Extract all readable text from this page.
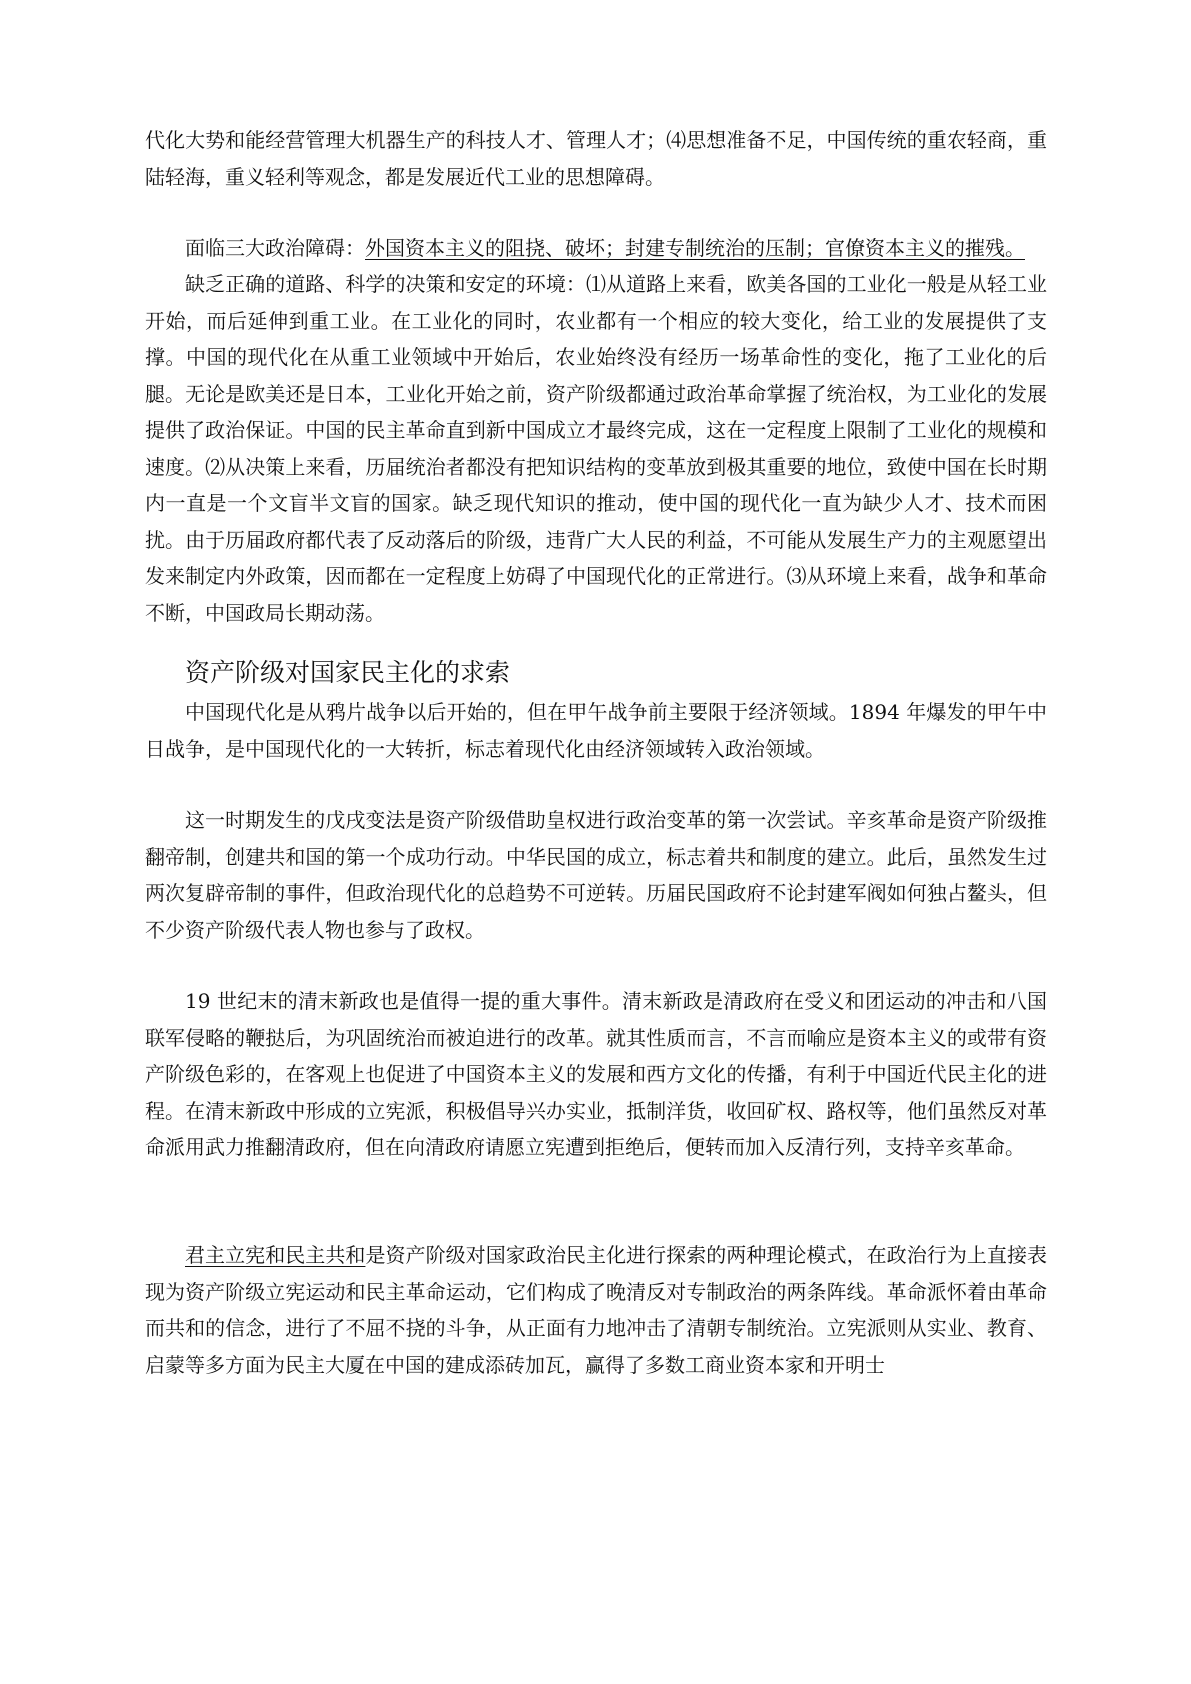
代化大势和能经营管理大机器生产的科技人才、管理人才；⑷思想准备不足，中国传统的重农轻商，重陆轻海，重义轻利等观念，都是发展近代工业的思想障碍。

面临三大政治障碍：外国资本主义的阻挠、破坏；封建专制统治的压制；官僚资本主义的摧残。

缺乏正确的道路、科学的决策和安定的环境：⑴从道路上来看，欧美各国的工业化一般是从轻工业开始，而后延伸到重工业。在工业化的同时，农业都有一个相应的较大变化，给工业的发展提供了支撑。中国的现代化在从重工业领域中开始后，农业始终没有经历一场革命性的变化，拖了工业化的后腿。无论是欧美还是日本，工业化开始之前，资产阶级都通过政治革命掌握了统治权，为工业化的发展提供了政治保证。中国的民主革命直到新中国成立才最终完成，这在一定程度上限制了工业化的规模和速度。⑵从决策上来看，历届统治者都没有把知识结构的变革放到极其重要的地位，致使中国在长时期内一直是一个文盲半文盲的国家。缺乏现代知识的推动，使中国的现代化一直为缺少人才、技术而困扰。由于历届政府都代表了反动落后的阶级，违背广大人民的利益，不可能从发展生产力的主观愿望出发来制定内外政策，因而都在一定程度上妨碍了中国现代化的正常进行。⑶从环境上来看，战争和革命不断，中国政局长期动荡。

资产阶级对国家民主化的求索

中国现代化是从鸦片战争以后开始的，但在甲午战争前主要限于经济领域。1894 年爆发的甲午中日战争，是中国现代化的一大转折，标志着现代化由经济领域转入政治领域。

这一时期发生的戊戌变法是资产阶级借助皇权进行政治变革的第一次尝试。辛亥革命是资产阶级推翻帝制，创建共和国的第一个成功行动。中华民国的成立，标志着共和制度的建立。此后，虽然发生过两次复辟帝制的事件，但政治现代化的总趋势不可逆转。历届民国政府不论封建军阀如何独占鳌头，但不少资产阶级代表人物也参与了政权。

19 世纪末的清末新政也是值得一提的重大事件。清末新政是清政府在受义和团运动的冲击和八国联军侵略的鞭挞后，为巩固统治而被迫进行的改革。就其性质而言，不言而喻应是资本主义的或带有资产阶级色彩的，在客观上也促进了中国资本主义的发展和西方文化的传播，有利于中国近代民主化的进程。在清末新政中形成的立宪派，积极倡导兴办实业，抵制洋货，收回矿权、路权等，他们虽然反对革命派用武力推翻清政府，但在向清政府请愿立宪遭到拒绝后，便转而加入反清行列，支持辛亥革命。

君主立宪和民主共和是资产阶级对国家政治民主化进行探索的两种理论模式，在政治行为上直接表现为资产阶级立宪运动和民主革命运动，它们构成了晚清反对专制政治的两条阵线。革命派怀着由革命而共和的信念，进行了不屈不挠的斗争，从正面有力地冲击了清朝专制统治。立宪派则从实业、教育、启蒙等多方面为民主大厦在中国的建成添砖加瓦，赢得了多数工商业资本家和开明士
